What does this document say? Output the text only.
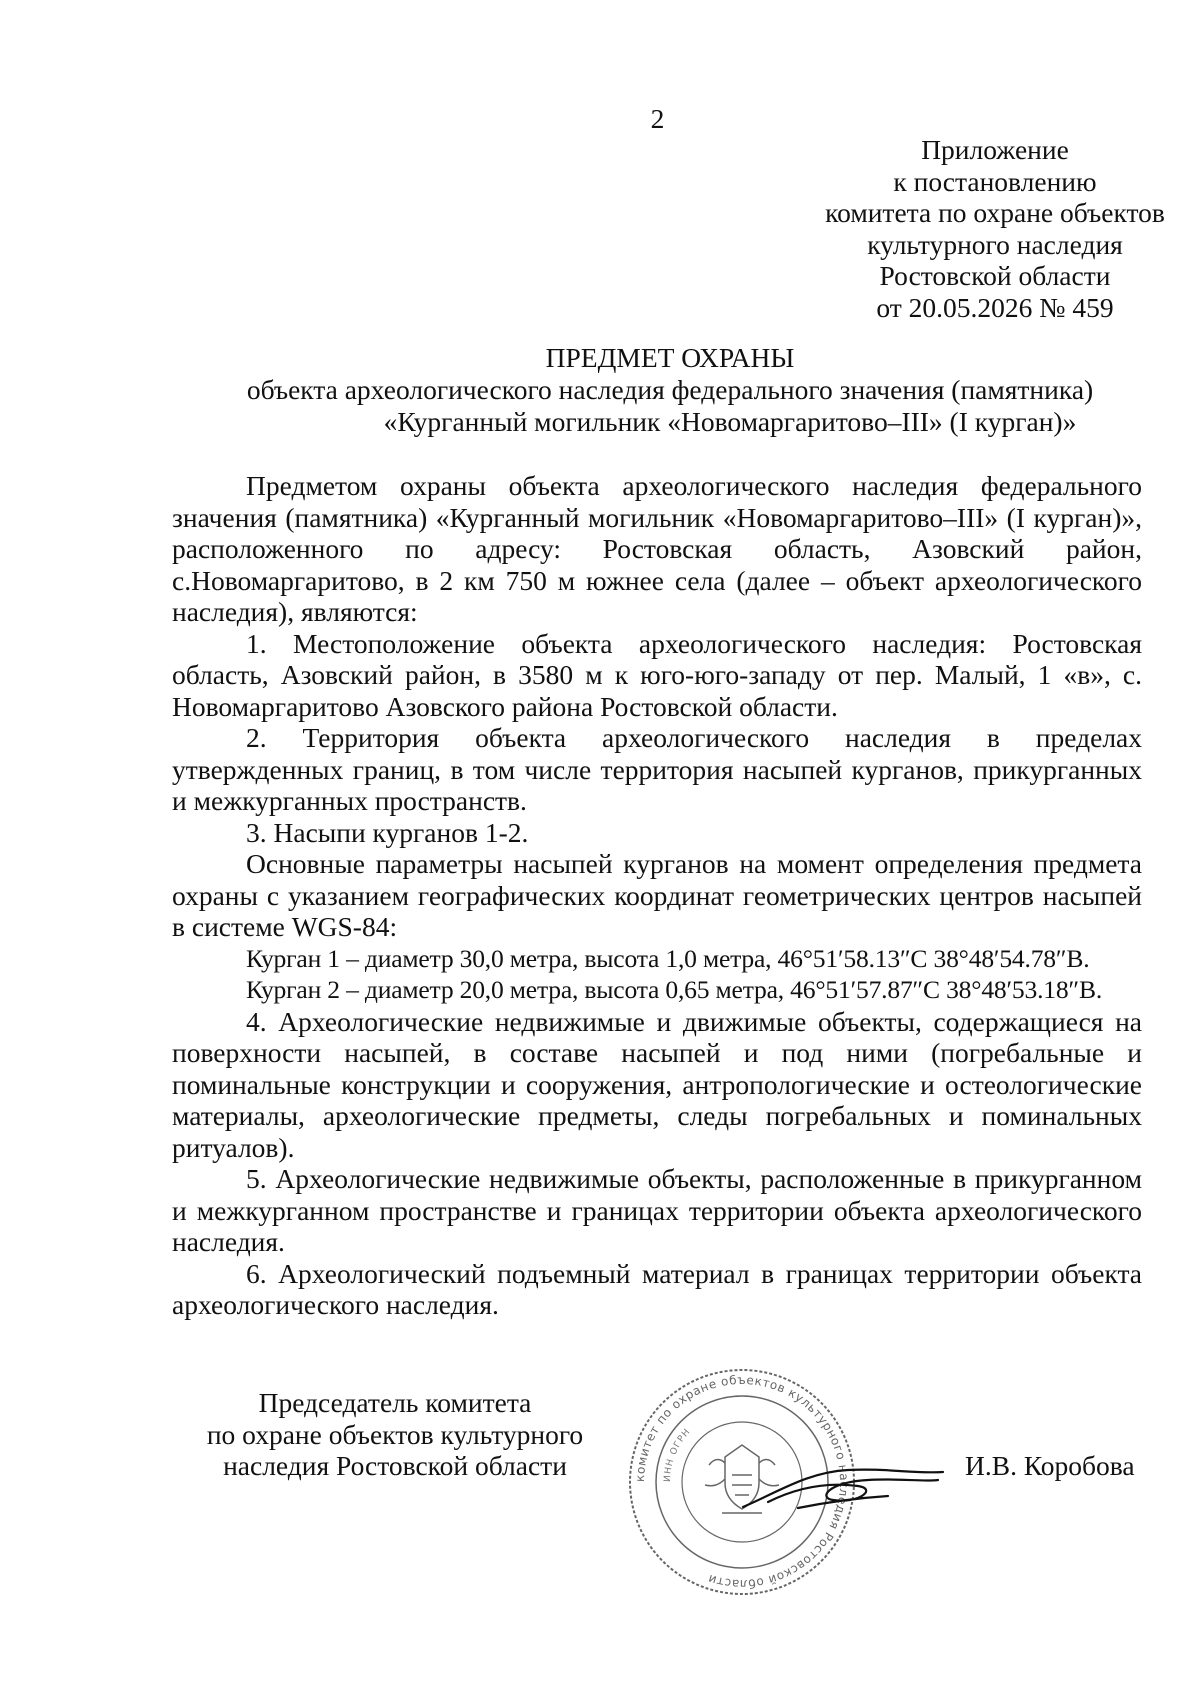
2
Приложение
к постановлению
комитета по охране объектов
культурного наследия
Ростовской области
от 20.05.2026 № 459
ПРЕДМЕТ ОХРАНЫ
объекта археологического наследия федерального значения (памятника)
«Курганный могильник «Новомаргаритово–III» (I курган)»

Предметом охраны объекта археологического наследия федерального значения (памятника) «Курганный могильник «Новомаргаритово–III» (I курган)», расположенного по адресу: Ростовская область, Азовский район, с.Новомаргаритово, в 2 км 750 м южнее села (далее – объект археологического наследия), являются:

1. Местоположение объекта археологического наследия: Ростовская область, Азовский район, в 3580 м к юго-юго-западу от пер. Малый, 1 «в», с. Новомаргаритово Азовского района Ростовской области.

2. Территория объекта археологического наследия в пределах утвержденных границ, в том числе территория насыпей курганов, прикурганных и межкурганных пространств.

3. Насыпи курганов 1-2.

Основные параметры насыпей курганов на момент определения предмета охраны с указанием географических координат геометрических центров насыпей в системе WGS-84:

Курган 1 – диаметр 30,0 метра, высота 1,0 метра, 46°51′58.13″С 38°48′54.78″В.

Курган 2 – диаметр 20,0 метра, высота 0,65 метра, 46°51′57.87″С 38°48′53.18″В.

4. Археологические недвижимые и движимые объекты, содержащиеся на поверхности насыпей, в составе насыпей и под ними (погребальные и поминальные конструкции и сооружения, антропологические и остеологические материалы, археологические предметы, следы погребальных и поминальных ритуалов).

5. Археологические недвижимые объекты, расположенные в прикурганном и межкурганном пространстве и границах территории объекта археологического наследия.

6. Археологический подъемный материал в границах территории объекта археологического наследия.

Председатель комитета
по охране объектов культурного
наследия Ростовской области	комитет по охране объектов культурного наследия Ростовской области
ИНН ОГРН
И.В. Коробова
